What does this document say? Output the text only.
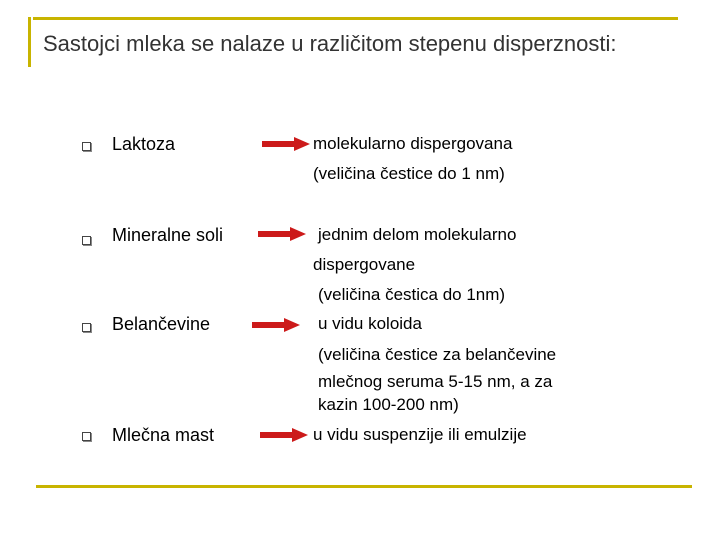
Sastojci mleka se nalaze u različitom stepenu disperznosti:
Laktoza
Mineralne soli
Belančevine
Mlečna mast
molekularno dispergovana
(veličina čestice do 1 nm)
jednim delom molekularno
dispergovane
(veličina čestica do 1nm)
u vidu koloida
(veličina čestice za belančevine
mlečnog seruma 5-15 nm, a za
kazin 100-200 nm)
u vidu suspenzije ili emulzije
